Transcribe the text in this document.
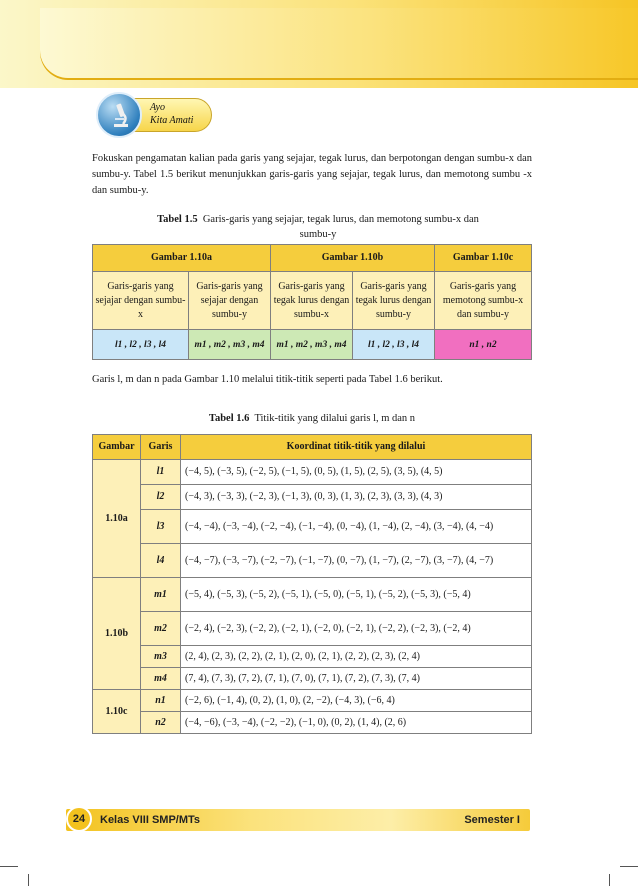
Ayo
Kita Amati

Fokuskan pengamatan kalian pada garis yang sejajar, tegak lurus, dan berpotongan dengan sumbu-x dan sumbu-y. Tabel 1.5 berikut menunjukkan garis-garis yang sejajar, tegak lurus, dan memotong sumbu -x dan sumbu-y.

Tabel 1.5 Garis-garis yang sejajar, tegak lurus, dan memotong sumbu-x dan
sumbu-y
Gambar 1.10a		Gambar 1.10b		Gambar 1.10c
Garis-garis yang sejajar dengan sumbu-x	Garis-garis yang sejajar dengan sumbu-y	Garis-garis yang tegak lurus dengan sumbu-x	Garis-garis yang tegak lurus dengan sumbu-y	Garis-garis yang memotong sumbu-x dan sumbu-y
l1 , l2 , l3 , l4	m1 , m2 , m3 , m4	m1 , m2 , m3 , m4	l1 , l2 , l3 , l4	n1 , n2
Garis l, m dan n pada Gambar 1.10 melalui titik-titik seperti pada Tabel 1.6 berikut.
Tabel 1.6 Titik-titik yang dilalui garis l, m dan n
Gambar	Garis	Koordinat titik-titik yang dilalui
1.10a	l1	(−4, 5), (−3, 5), (−2, 5), (−1, 5), (0, 5), (1, 5), (2, 5), (3, 5), (4, 5)
	l2	(−4, 3), (−3, 3), (−2, 3), (−1, 3), (0, 3), (1, 3), (2, 3), (3, 3), (4, 3)
	l3	(−4, −4), (−3, −4), (−2, −4), (−1, −4), (0, −4), (1, −4), (2, −4), (3, −4), (4, −4)
	l4	(−4, −7), (−3, −7), (−2, −7), (−1, −7), (0, −7), (1, −7), (2, −7), (3, −7), (4, −7)
1.10b	m1	(−5, 4), (−5, 3), (−5, 2), (−5, 1), (−5, 0), (−5, 1), (−5, 2), (−5, 3), (−5, 4)
	m2	(−2, 4), (−2, 3), (−2, 2), (−2, 1), (−2, 0), (−2, 1), (−2, 2), (−2, 3), (−2, 4)
	m3	(2, 4), (2, 3), (2, 2), (2, 1), (2, 0), (2, 1), (2, 2), (2, 3), (2, 4)
	m4	(7, 4), (7, 3), (7, 2), (7, 1), (7, 0), (7, 1), (7, 2), (7, 3), (7, 4)
1.10c	n1	(−2, 6), (−1, 4), (0, 2), (1, 0), (2, −2), (−4, 3), (−6, 4)
	n2	(−4, −6), (−3, −4), (−2, −2), (−1, 0), (0, 2), (1, 4), (2, 6)
24	Kelas VIII SMP/MTs	Semester I
